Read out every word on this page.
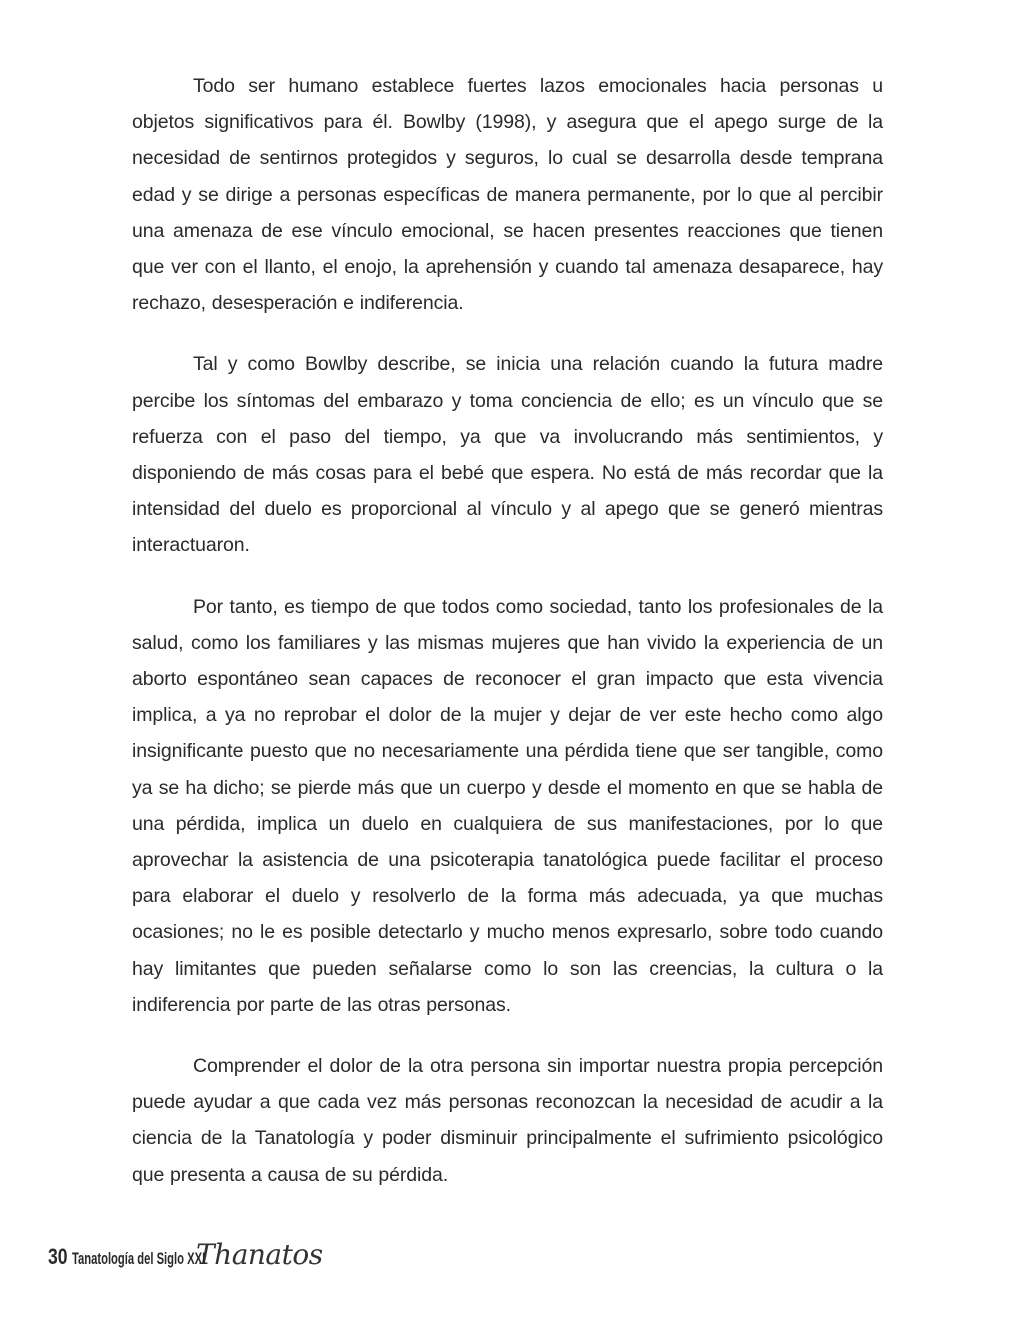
Todo ser humano establece fuertes lazos emocionales hacia personas u objetos significativos para él. Bowlby (1998), y asegura que el apego surge de la necesidad de sentirnos protegidos y seguros, lo cual se desarrolla desde temprana edad y se dirige a personas específicas de manera permanente, por lo que al percibir una amenaza de ese vínculo emocional, se hacen presentes reacciones que tienen que ver con el llanto, el enojo, la aprehensión y cuando tal amenaza desaparece, hay rechazo, desesperación e indiferencia.

Tal y como Bowlby describe, se inicia una relación cuando la futura madre percibe los síntomas del embarazo y toma conciencia de ello; es un vínculo que se refuerza con el paso del tiempo, ya que va involucrando más sentimientos, y disponiendo de más cosas para el bebé que espera. No está de más recordar que la intensidad del duelo es proporcional al vínculo y al apego que se generó mientras interactuaron.

Por tanto, es tiempo de que todos como sociedad, tanto los profesionales de la salud, como los familiares y las mismas mujeres que han vivido la experiencia de un aborto espontáneo sean capaces de reconocer el gran impacto que esta vivencia implica, a ya no reprobar el dolor de la mujer y dejar de ver este hecho como algo insignificante puesto que no necesariamente una pérdida tiene que ser tangible, como ya se ha dicho; se pierde más que un cuerpo y desde el momento en que se habla de una pérdida, implica un duelo en cualquiera de sus manifestaciones, por lo que aprovechar la asistencia de una psicoterapia tanatológica puede facilitar el proceso para elaborar el duelo y resolverlo de la forma más adecuada, ya que muchas ocasiones; no le es posible detectarlo y mucho menos expresarlo, sobre todo cuando hay limitantes que pueden señalarse como lo son las creencias, la cultura o la indiferencia por parte de las otras personas.

Comprender el dolor de la otra persona sin importar nuestra propia percepción puede ayudar a que cada vez más personas reconozcan la necesidad de acudir a la ciencia de la Tanatología y poder disminuir principalmente el sufrimiento psicológico que presenta a causa de su pérdida.

30 Tanatología del Siglo XXI
Thanatos
